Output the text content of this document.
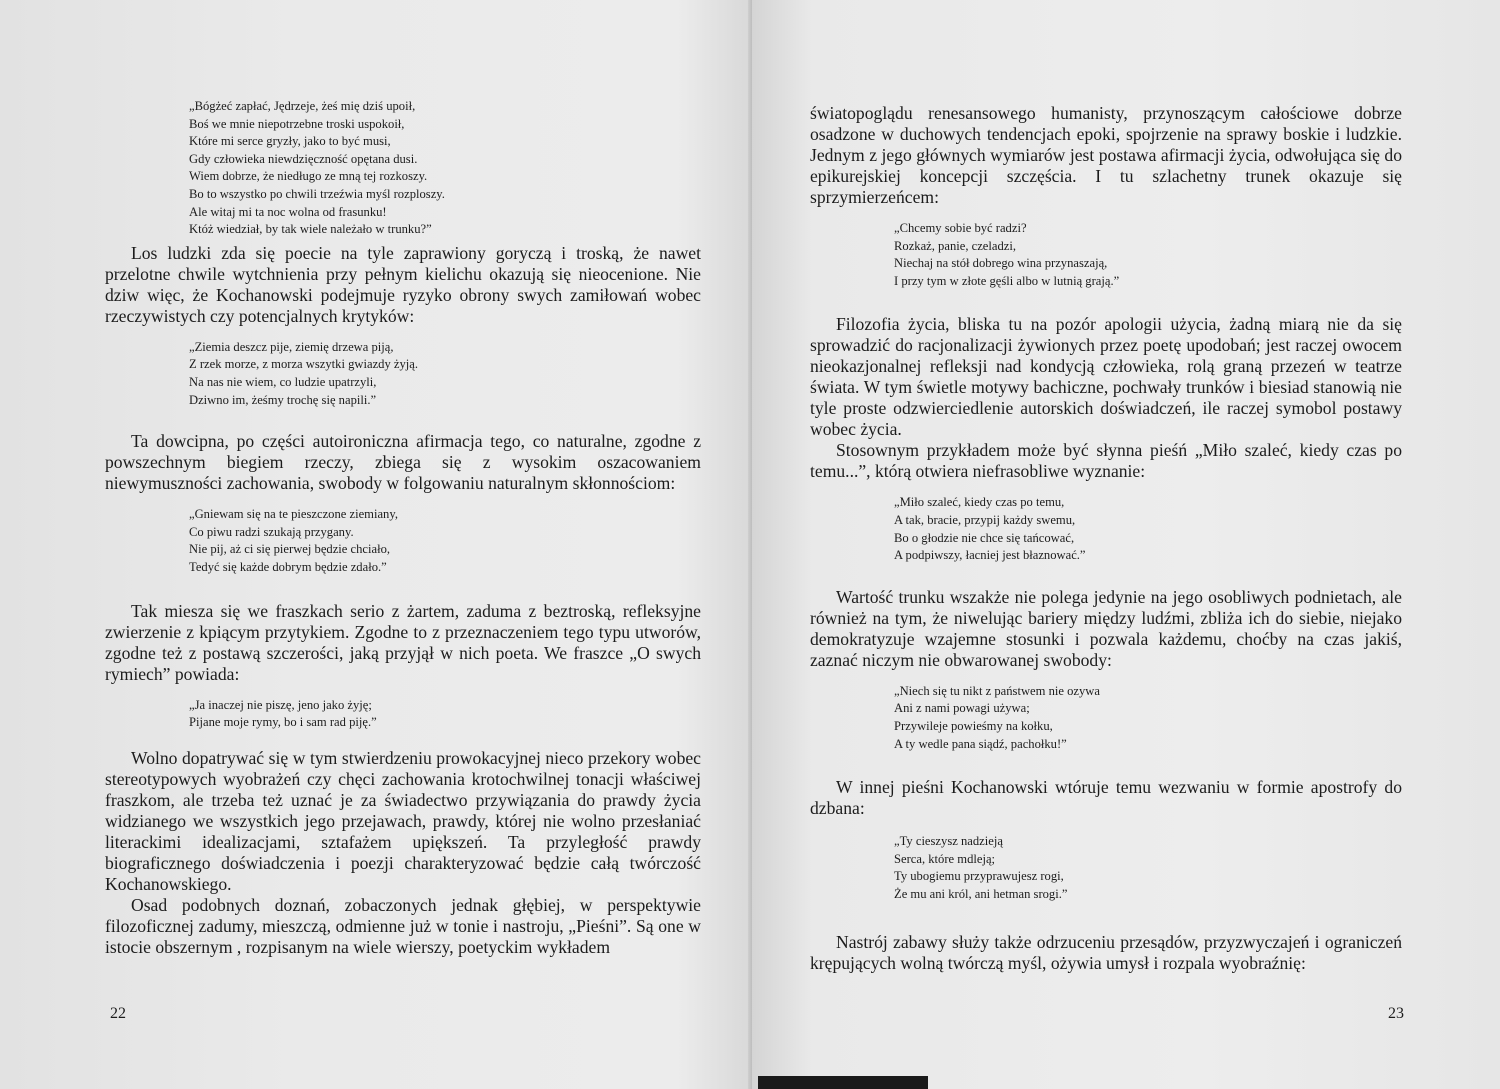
„Bógżeć zapłać, Jędrzeje, żeś mię dziś upoił,
Boś we mnie niepotrzebne troski uspokoił,
Które mi serce gryzły, jako to być musi,
Gdy człowieka niewdzięczność opętana dusi.
Wiem dobrze, że niedługo ze mną tej rozkoszy.
Bo to wszystko po chwili trzeźwia myśl rozploszy.
Ale witaj mi ta noc wolna od frasunku!
Któż wiedział, by tak wiele należało w trunku?”

Los ludzki zda się poecie na tyle zaprawiony goryczą i troską, że nawet przelotne chwile wytchnienia przy pełnym kielichu okazują się nieocenione. Nie dziw więc, że Kochanowski podejmuje ryzyko obrony swych zamiłowań wobec rzeczywistych czy potencjalnych krytyków:

„Ziemia deszcz pije, ziemię drzewa piją,
Z rzek morze, z morza wszytki gwiazdy żyją.
Na nas nie wiem, co ludzie upatrzyli,
Dziwno im, żeśmy trochę się napili.”

Ta dowcipna, po części autoironiczna afirmacja tego, co naturalne, zgodne z powszechnym biegiem rzeczy, zbiega się z wysokim oszacowaniem niewymuszności zachowania, swobody w folgowaniu naturalnym skłonnościom:

„Gniewam się na te pieszczone ziemiany,
Co piwu radzi szukają przygany.
Nie pij, aż ci się pierwej będzie chciało,
Tedyć się każde dobrym będzie zdało.”

Tak miesza się we fraszkach serio z żartem, zaduma z beztroską, refleksyjne zwierzenie z kpiącym przytykiem. Zgodne to z przeznaczeniem tego typu utworów, zgodne też z postawą szczerości, jaką przyjął w nich poeta. We fraszce „O swych rymiech” powiada:

„Ja inaczej nie piszę, jeno jako żyję;
Pijane moje rymy, bo i sam rad piję.”

Wolno dopatrywać się w tym stwierdzeniu prowokacyjnej nieco przekory wobec stereotypowych wyobrażeń czy chęci zachowania krotochwilnej tonacji właściwej fraszkom, ale trzeba też uznać je za świadectwo przywiązania do prawdy życia widzianego we wszystkich jego przejawach, prawdy, której nie wolno przesłaniać literackimi idealizacjami, sztafażem upiększeń. Ta przyległość prawdy biograficznego doświadczenia i poezji charakteryzować będzie całą twórczość Kochanowskiego.

Osad podobnych doznań, zobaczonych jednak głębiej, w perspektywie filozoficznej zadumy, mieszczą, odmienne już w tonie i nastroju, „Pieśni”. Są one w istocie obszernym , rozpisanym na wiele wierszy, poetyckim wykładem

22

światopoglądu renesansowego humanisty, przynoszącym całościowe dobrze osadzone w duchowych tendencjach epoki, spojrzenie na sprawy boskie i ludzkie. Jednym z jego głównych wymiarów jest postawa afirmacji życia, odwołująca się do epikurejskiej koncepcji szczęścia. I tu szlachetny trunek okazuje się sprzymierzeńcem:

„Chcemy sobie być radzi?
Rozkaż, panie, czeladzi,
Niechaj na stół dobrego wina przynaszają,
I przy tym w złote gęśli albo w lutnią grają.”

Filozofia życia, bliska tu na pozór apologii użycia, żadną miarą nie da się sprowadzić do racjonalizacji żywionych przez poetę upodobań; jest raczej owocem nieokazjonalnej refleksji nad kondycją człowieka, rolą graną przezeń w teatrze świata. W tym świetle motywy bachiczne, pochwały trunków i biesiad stanowią nie tyle proste odzwierciedlenie autorskich doświadczeń, ile raczej symobol postawy wobec życia.

Stosownym przykładem może być słynna pieśń „Miło szaleć, kiedy czas po temu...”, którą otwiera niefrasobliwe wyznanie:

„Miło szaleć, kiedy czas po temu,
A tak, bracie, przypij każdy swemu,
Bo o głodzie nie chce się tańcować,
A podpiwszy, łacniej jest błaznować.”

Wartość trunku wszakże nie polega jedynie na jego osobliwych podnietach, ale również na tym, że niwelując bariery między ludźmi, zbliża ich do siebie, niejako demokratyzuje wzajemne stosunki i pozwala każdemu, choćby na czas jakiś, zaznać niczym nie obwarowanej swobody:

„Niech się tu nikt z państwem nie ozywa
Ani z nami powagi używa;
Przywileje powieśmy na kołku,
A ty wedle pana siądź, pachołku!”

W innej pieśni Kochanowski wtóruje temu wezwaniu w formie apostrofy do dzbana:

„Ty cieszysz nadzieją
Serca, które mdleją;
Ty ubogiemu przyprawujesz rogi,
Że mu ani król, ani hetman srogi.”

Nastrój zabawy służy także odrzuceniu przesądów, przyzwyczajeń i ograniczeń krępujących wolną twórczą myśl, ożywia umysł i rozpala wyobraźnię:

23
